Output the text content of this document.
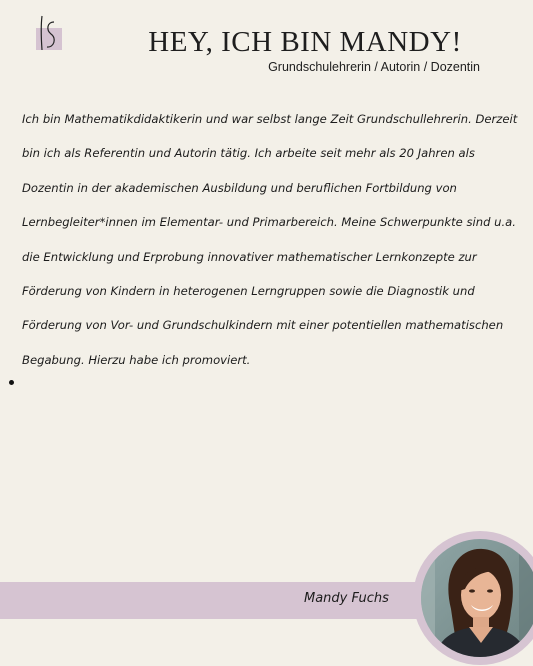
HEY, ICH BIN MANDY!
Grundschulehrerin / Autorin / Dozentin

Ich bin Mathematikdidaktikerin und war selbst lange Zeit Grundschullehrerin. Derzeit bin ich als Referentin und Autorin tätig. Ich arbeite seit mehr als 20 Jahren als Dozentin in der akademischen Ausbildung und beruflichen Fortbildung von Lernbegleiter*innen im Elementar- und Primarbereich. Meine Schwerpunkte sind u.a. die Entwicklung und Erprobung innovativer mathematischer Lernkonzepte zur Förderung von Kindern in heterogenen Lerngruppen sowie die Diagnostik und Förderung von Vor- und Grundschulkindern mit einer potentiellen mathematischen Begabung. Hierzu habe ich promoviert.

Mandy Fuchs
